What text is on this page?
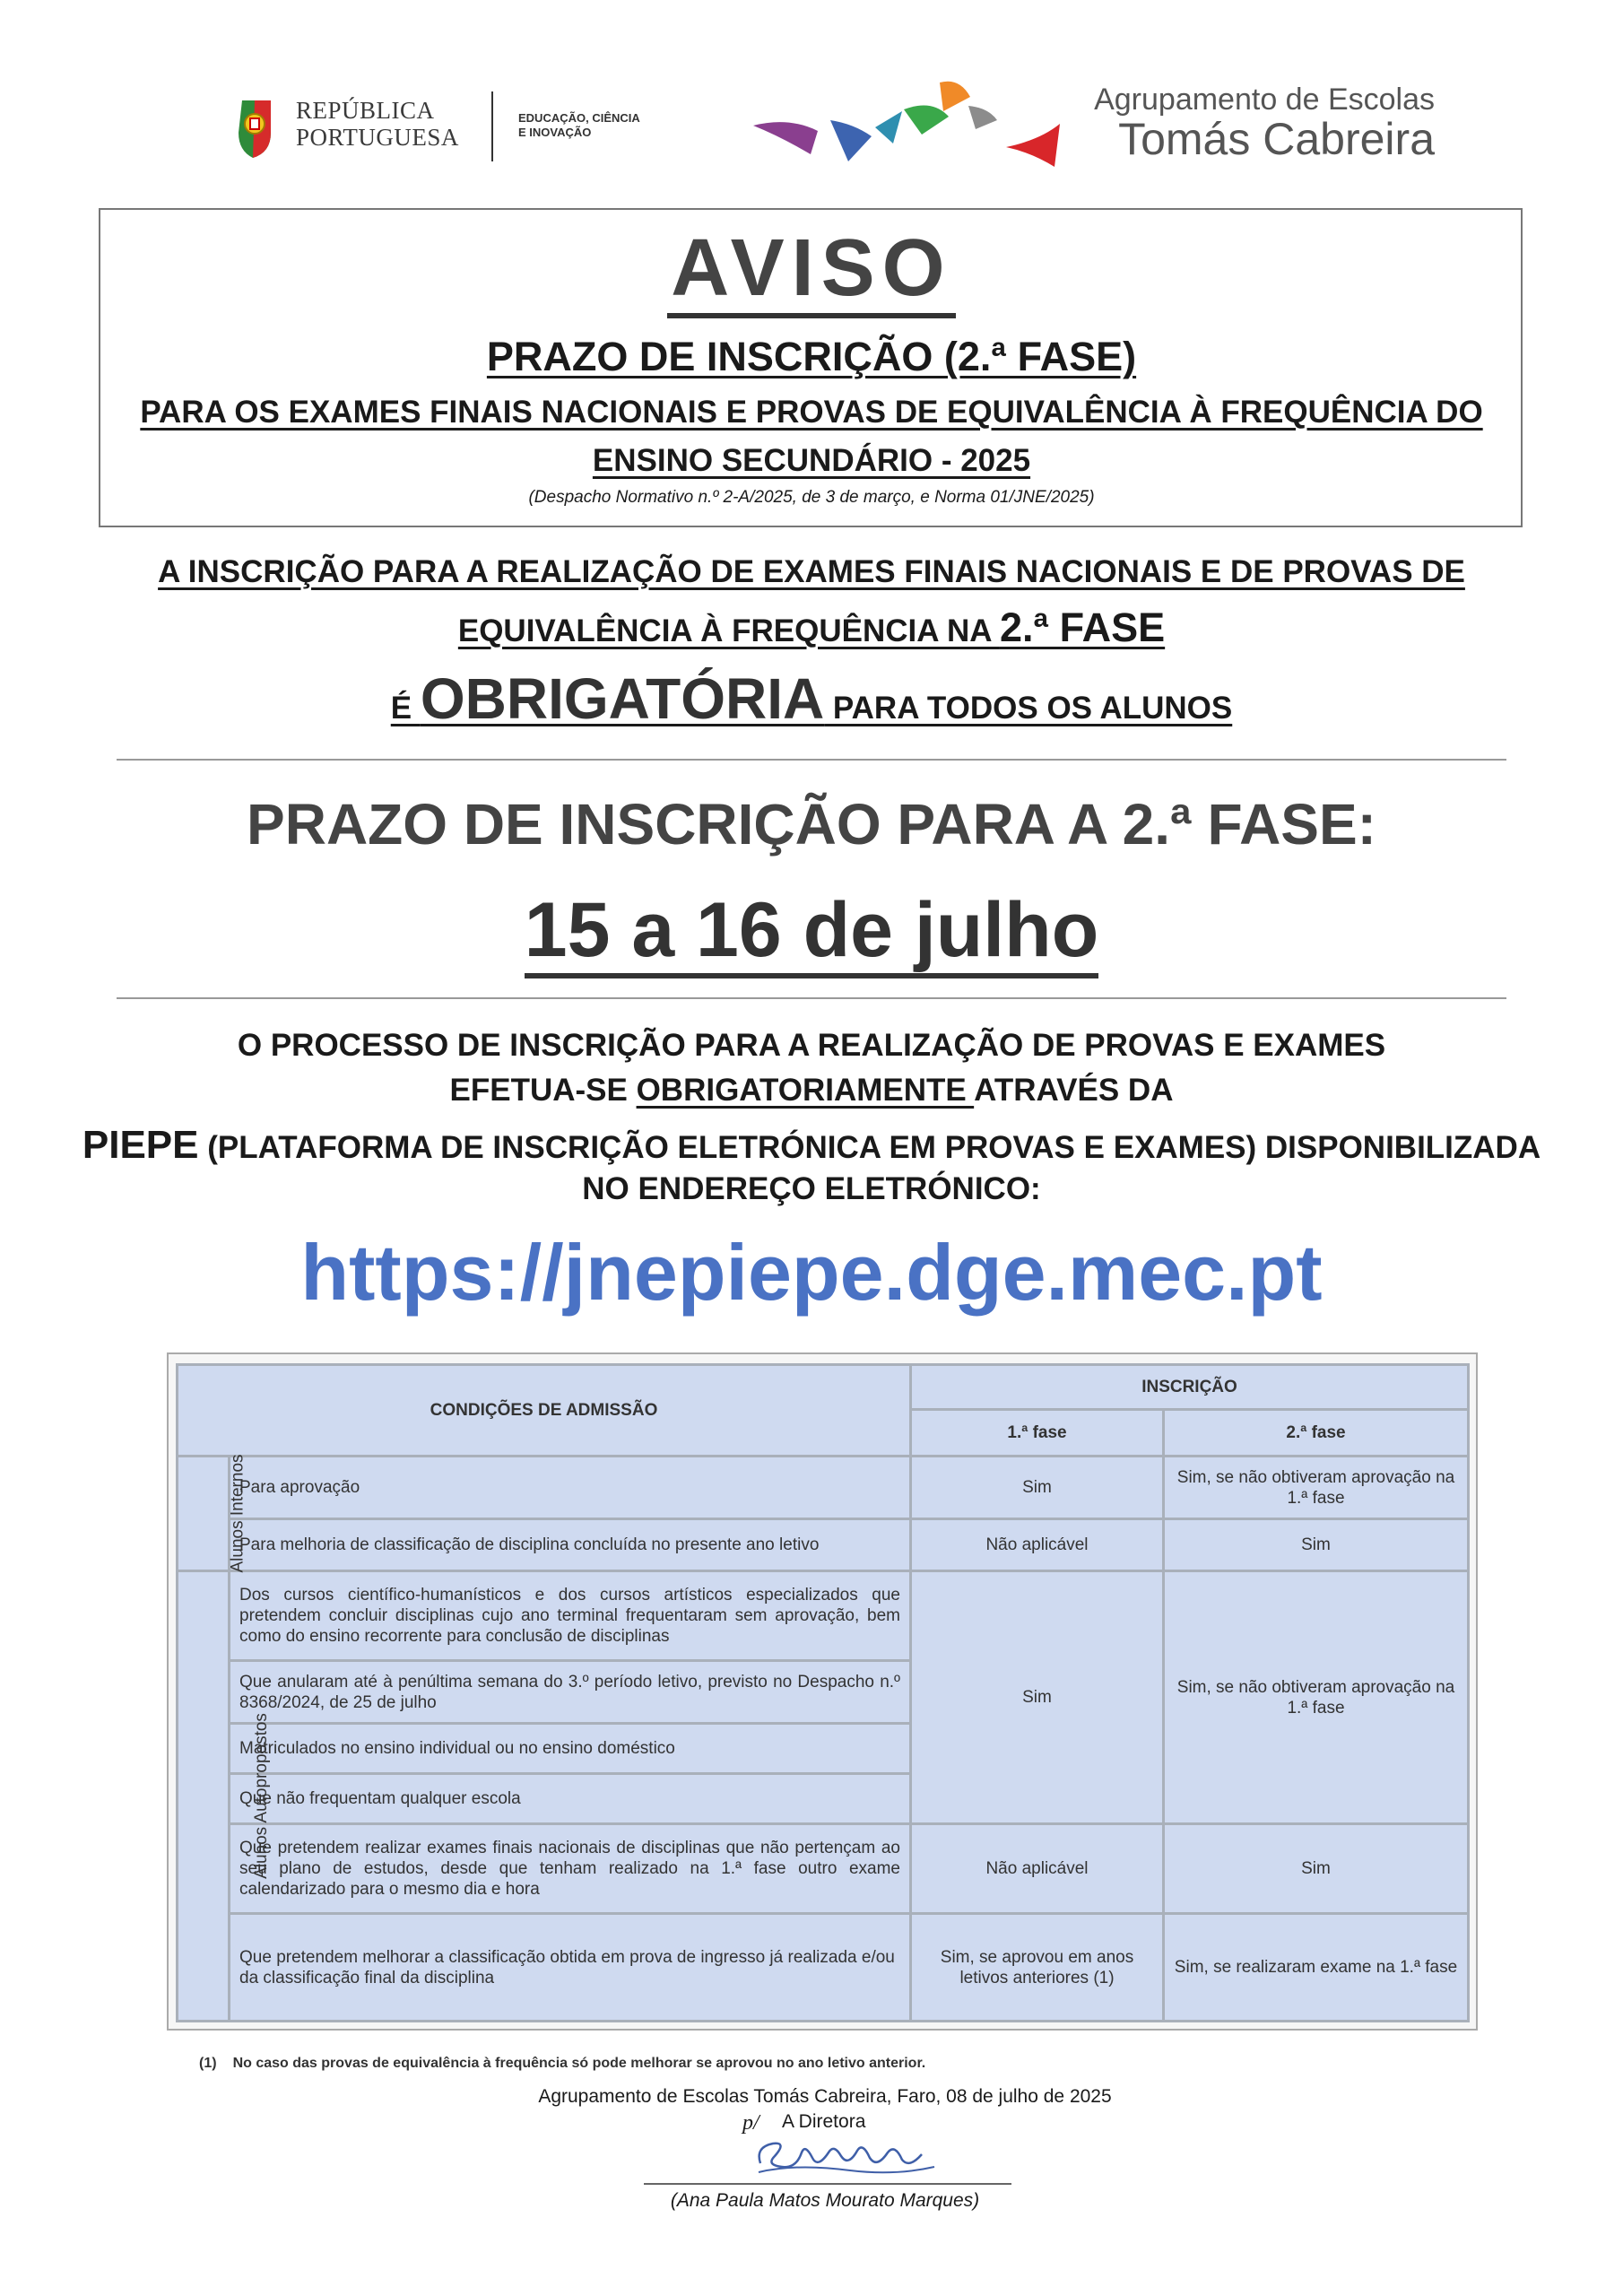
REPÚBLICA
PORTUGUESA
EDUCAÇÃO, CIÊNCIA
E INOVAÇÃO
Agrupamento de Escolas
Tomás Cabreira
AVISO
PRAZO DE INSCRIÇÃO (2.ª FASE)
PARA OS EXAMES FINAIS NACIONAIS E PROVAS DE EQUIVALÊNCIA À FREQUÊNCIA DO
ENSINO SECUNDÁRIO - 2025
(Despacho Normativo n.º 2-A/2025, de 3 de março, e Norma 01/JNE/2025)
A INSCRIÇÃO PARA A REALIZAÇÃO DE EXAMES FINAIS NACIONAIS E DE PROVAS DE
EQUIVALÊNCIA À FREQUÊNCIA NA 2.ª FASE
É OBRIGATÓRIA PARA TODOS OS ALUNOS
PRAZO DE INSCRIÇÃO PARA A 2.ª FASE:
15 a 16 de julho
O PROCESSO DE INSCRIÇÃO PARA A REALIZAÇÃO DE PROVAS E EXAMES
EFETUA-SE OBRIGATORIAMENTE ATRAVÉS DA
PIEPE (PLATAFORMA DE INSCRIÇÃO ELETRÓNICA EM PROVAS E EXAMES) DISPONIBILIZADA
NO ENDEREÇO ELETRÓNICO:
https://jnepiepe.dge.mec.pt
CONDIÇÕES DE ADMISSÃO		INSCRIÇÃO	
		1.ª fase	2.ª fase
Alunos Internos	Para aprovação	Sim	Sim, se não obtiveram aprovação na 1.ª fase
	Para melhoria de classificação de disciplina concluída no presente ano letivo	Não aplicável	Sim
Alunos Autopropostos	Dos cursos científico-humanísticos e dos cursos artísticos especializados que pretendem concluir disciplinas cujo ano terminal frequentaram sem aprovação, bem como do ensino recorrente para conclusão de disciplinas	Sim	Sim, se não obtiveram aprovação na 1.ª fase
	Que anularam até à penúltima semana do 3.º período letivo, previsto no Despacho n.º 8368/2024, de 25 de julho		
	Matriculados no ensino individual ou no ensino doméstico		
	Que não frequentam qualquer escola		
	Que pretendem realizar exames finais nacionais de disciplinas que não pertençam ao seu plano de estudos, desde que tenham realizado na 1.ª fase outro exame calendarizado para o mesmo dia e hora	Não aplicável	Sim
	Que pretendem melhorar a classificação obtida em prova de ingresso já realizada e/ou da classificação final da disciplina	Sim, se aprovou em anos letivos anteriores (1)	Sim, se realizaram exame na 1.ª fase
(1) No caso das provas de equivalência à frequência só pode melhorar se aprovou no ano letivo anterior.
Agrupamento de Escolas Tomás Cabreira, Faro, 08 de julho de 2025
p/ A Diretora
(Ana Paula Matos Mourato Marques)
